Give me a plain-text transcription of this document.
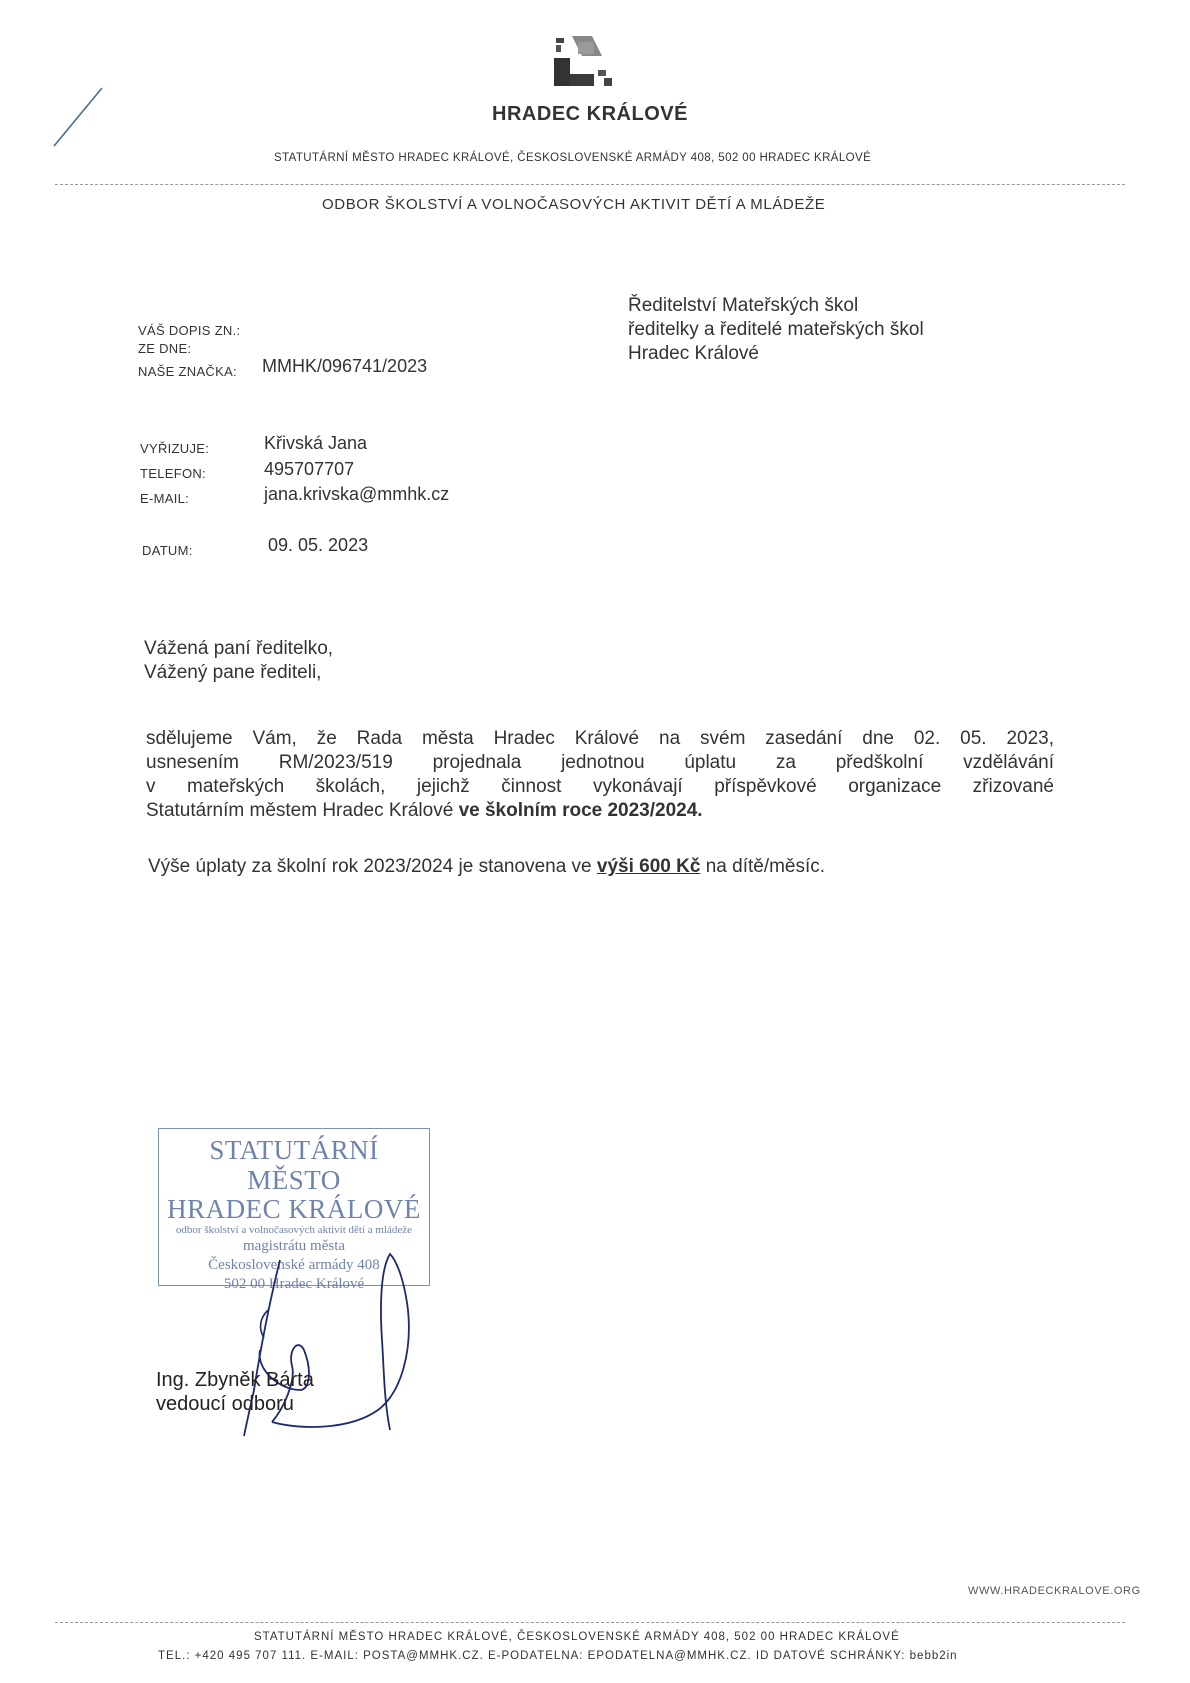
HRADEC KRÁLOVÉ
STATUTÁRNÍ MĚSTO HRADEC KRÁLOVÉ, ČESKOSLOVENSKÉ ARMÁDY 408, 502 00 HRADEC KRÁLOVÉ
ODBOR ŠKOLSTVÍ A VOLNOČASOVÝCH AKTIVIT DĚTÍ A MLÁDEŽE
VÁŠ DOPIS ZN.:
ZE DNE:
NAŠE ZNAČKA: MMHK/096741/2023
Ředitelství Mateřských škol
ředitelky a ředitelé mateřských škol
Hradec Králové
VYŘIZUJE:	Křivská Jana
TELEFON:	495707707
E-MAIL:	jana.krivska@mmhk.cz
DATUM:	09. 05. 2023
Vážená paní ředitelko,
Vážený pane řediteli,
sdělujeme Vám, že Rada města Hradec Králové na svém zasedání dne 02. 05. 2023,
usnesením RM/2023/519 projednala jednotnou úplatu za předškolní vzdělávání
v mateřských školách, jejichž činnost vykonávají příspěvkové organizace zřizované
Statutárním městem Hradec Králové ve školním roce 2023/2024.
Výše úplaty za školní rok 2023/2024 je stanovena ve výši 600 Kč na dítě/měsíc.
STATUTÁRNÍ MĚSTO
HRADEC KRÁLOVÉ
odbor školství a volnočasových aktivit dětí a mládeže
magistrátu města
Československé armády 408
502 00 Hradec Králové
Ing. Zbyněk Bárta
vedoucí odboru
WWW.HRADECKRALOVE.ORG
STATUTÁRNÍ MĚSTO HRADEC KRÁLOVÉ, ČESKOSLOVENSKÉ ARMÁDY 408, 502 00 HRADEC KRÁLOVÉ
TEL.: +420 495 707 111. E-MAIL: POSTA@MMHK.CZ. E-PODATELNA: EPODATELNA@MMHK.CZ. ID DATOVÉ SCHRÁNKY: bebb2in
